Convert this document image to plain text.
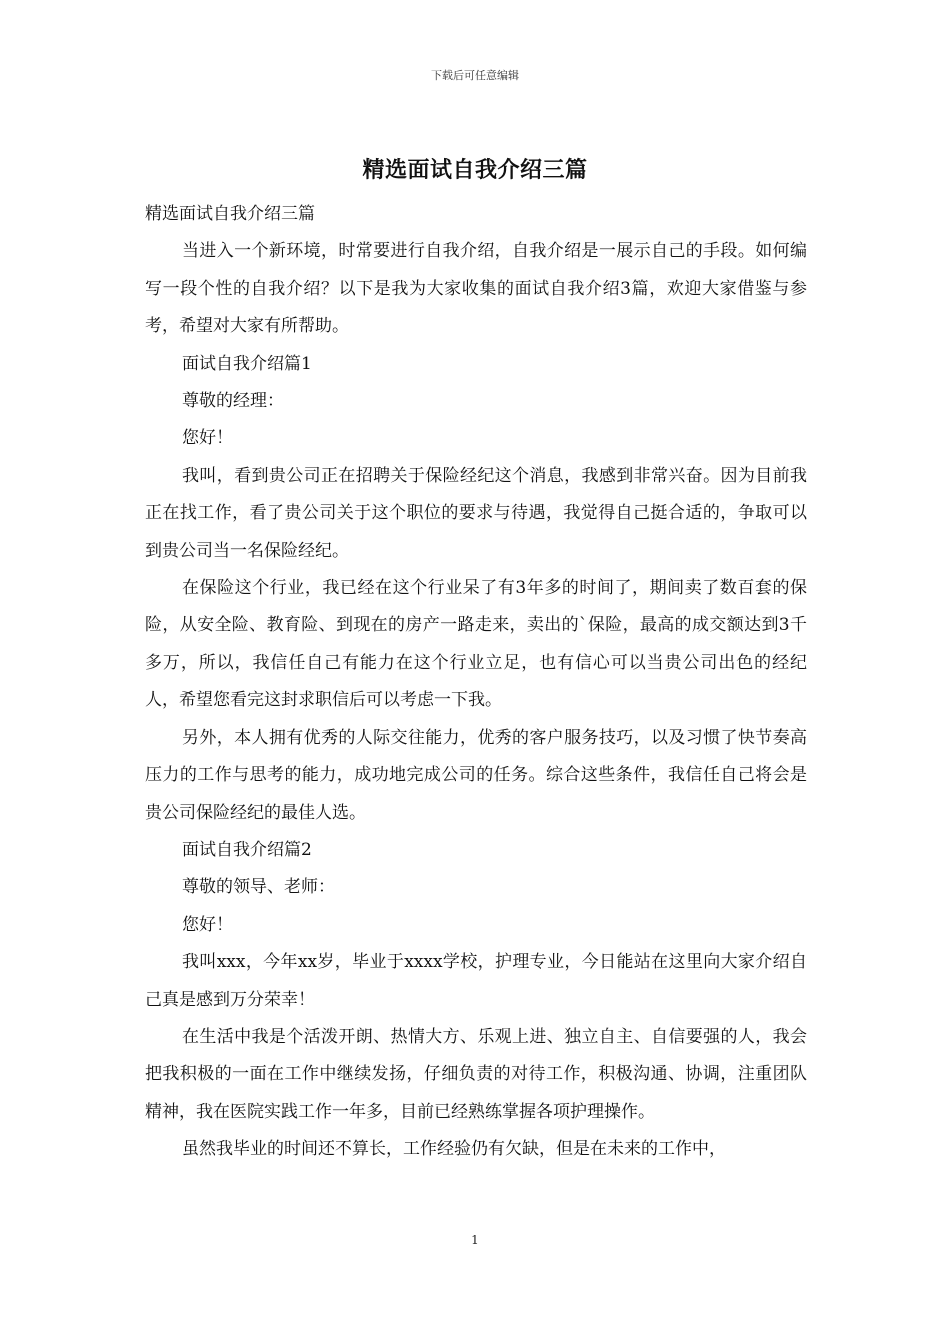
下载后可任意编辑
精选面试自我介绍三篇

精选面试自我介绍三篇

当进入一个新环境，时常要进行自我介绍，自我介绍是一展示自己的手段。如何编写一段个性的自我介绍？以下是我为大家收集的面试自我介绍3篇，欢迎大家借鉴与参考，希望对大家有所帮助。

面试自我介绍篇1

尊敬的经理：

您好！

我叫，看到贵公司正在招聘关于保险经纪这个消息，我感到非常兴奋。因为目前我正在找工作，看了贵公司关于这个职位的要求与待遇，我觉得自己挺合适的，争取可以到贵公司当一名保险经纪。

在保险这个行业，我已经在这个行业呆了有3年多的时间了，期间卖了数百套的保险，从安全险、教育险、到现在的房产一路走来，卖出的`保险，最高的成交额达到3千多万，所以，我信任自己有能力在这个行业立足，也有信心可以当贵公司出色的经纪人，希望您看完这封求职信后可以考虑一下我。

另外，本人拥有优秀的人际交往能力，优秀的客户服务技巧，以及习惯了快节奏高压力的工作与思考的能力，成功地完成公司的任务。综合这些条件，我信任自己将会是贵公司保险经纪的最佳人选。

面试自我介绍篇2

尊敬的领导、老师：

您好！

我叫xxx，今年xx岁，毕业于xxxx学校，护理专业，今日能站在这里向大家介绍自己真是感到万分荣幸！

在生活中我是个活泼开朗、热情大方、乐观上进、独立自主、自信要强的人，我会把我积极的一面在工作中继续发扬，仔细负责的对待工作，积极沟通、协调，注重团队精神，我在医院实践工作一年多，目前已经熟练掌握各项护理操作。

虽然我毕业的时间还不算长，工作经验仍有欠缺，但是在未来的工作中，

1
